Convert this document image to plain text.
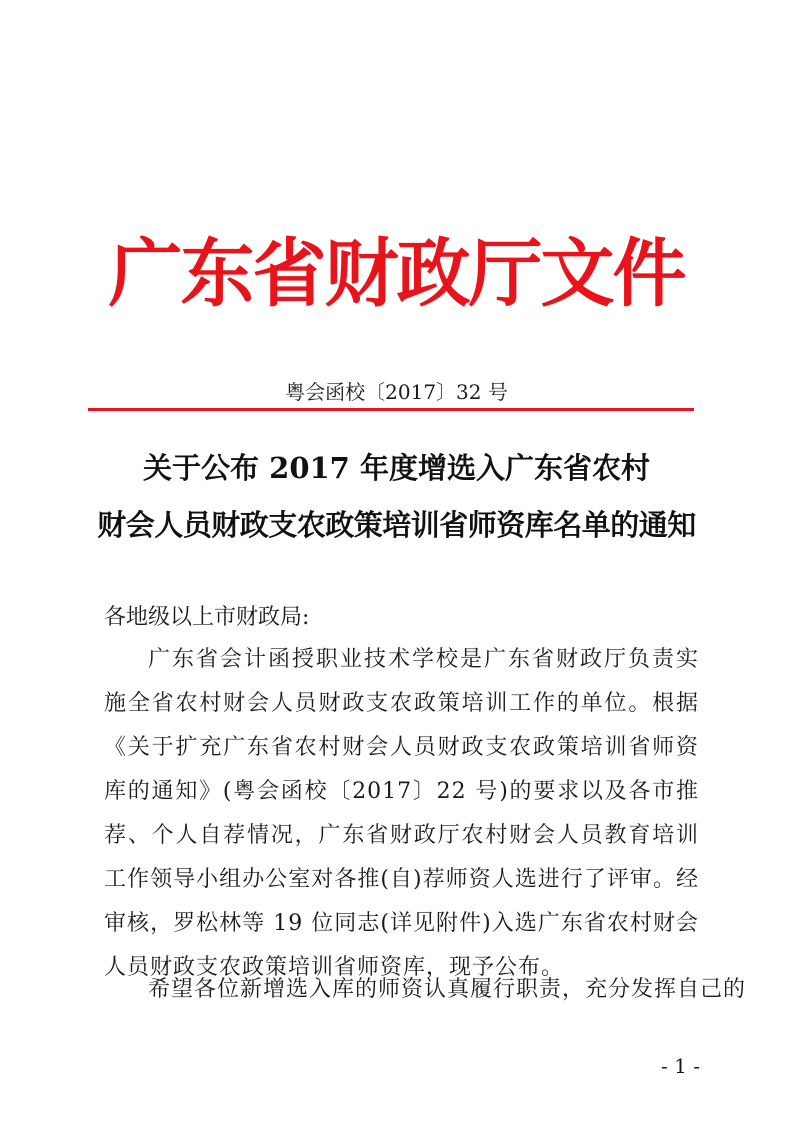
广东省财政厅文件
粤会函校〔2017〕32 号
关于公布 2017 年度增选入广东省农村
财会人员财政支农政策培训省师资库名单的通知
各地级以上市财政局:

广东省会计函授职业技术学校是广东省财政厅负责实施全省农村财会人员财政支农政策培训工作的单位。根据《关于扩充广东省农村财会人员财政支农政策培训省师资库的通知》(粤会函校〔2017〕22 号)的要求以及各市推荐、个人自荐情况，广东省财政厅农村财会人员教育培训工作领导小组办公室对各推(自)荐师资人选进行了评审。经审核，罗松林等 19 位同志(详见附件)入选广东省农村财会人员财政支农政策培训省师资库，现予公布。

希望各位新增选入库的师资认真履行职责，充分发挥自己的

- 1 -
